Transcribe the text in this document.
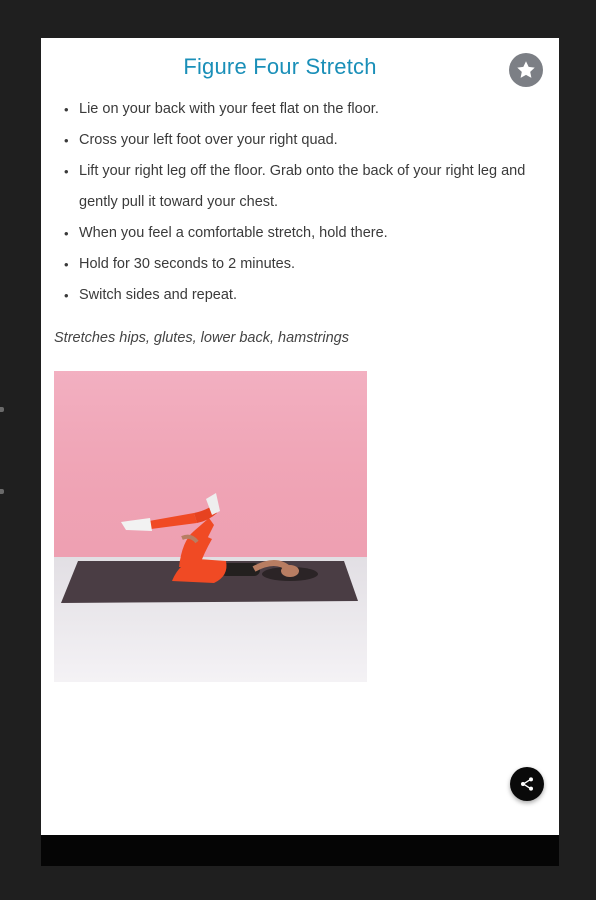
Figure Four Stretch
• Lie on your back with your feet flat on the floor.
• Cross your left foot over your right quad.
• Lift your right leg off the floor. Grab onto the back of your right leg and gently pull it toward your chest.
• When you feel a comfortable stretch, hold there.
• Hold for 30 seconds to 2 minutes.
• Switch sides and repeat.
Stretches hips, glutes, lower back, hamstrings
